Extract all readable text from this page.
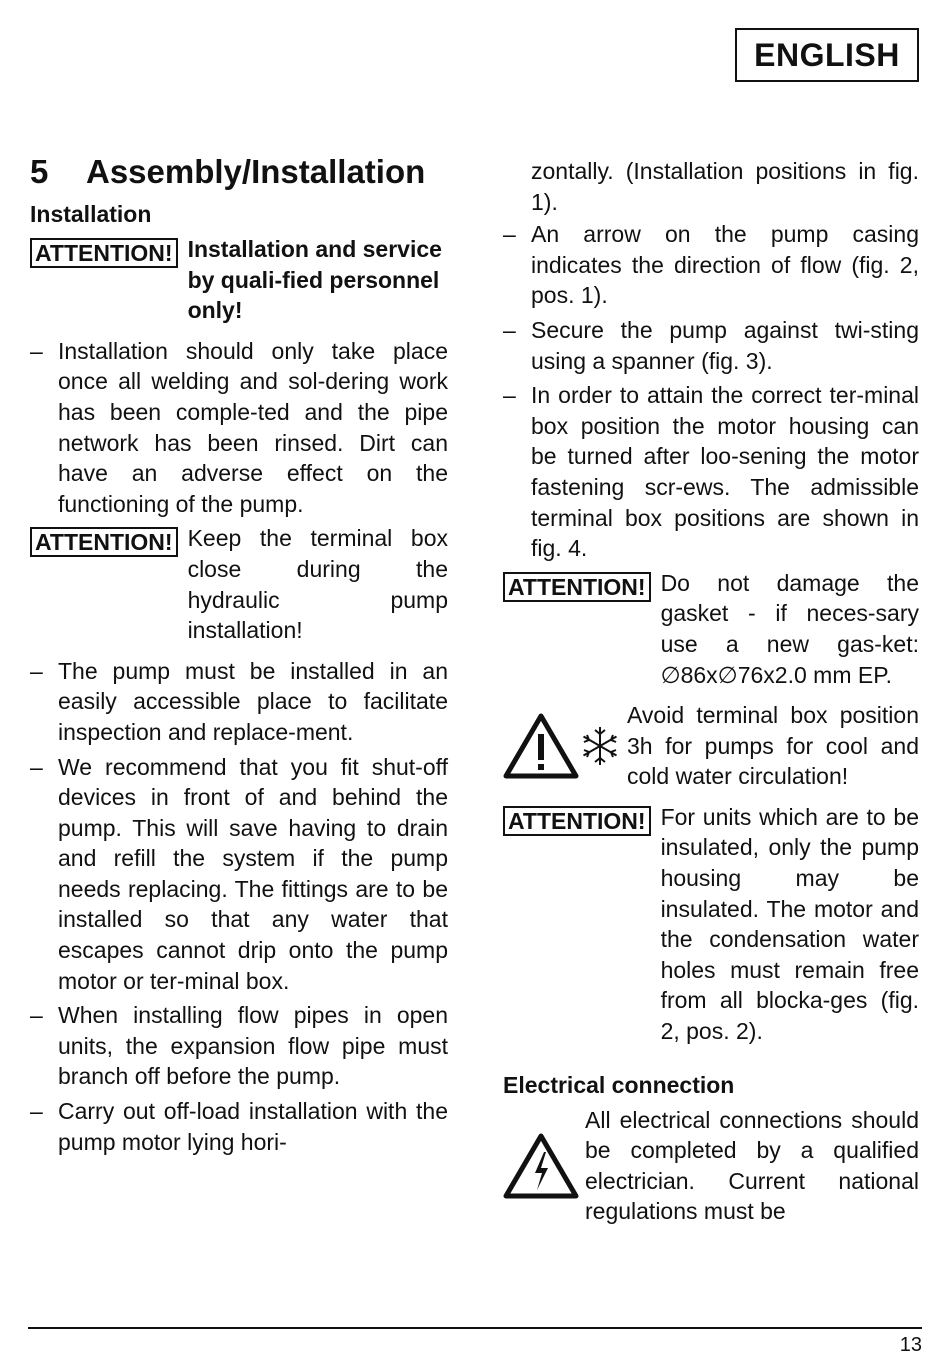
ENGLISH
5 Assembly/Installation
Installation
ATTENTION! Installation and service by quali-fied personnel only!
– Installation should only take place once all welding and sol-dering work has been comple-ted and the pipe network has been rinsed. Dirt can have an adverse effect on the functioning of the pump.
ATTENTION! Keep the terminal box close during the hydraulic pump installation!
– The pump must be installed in an easily accessible place to facilitate inspection and replace-ment.
– We recommend that you fit shut-off devices in front of and behind the pump. This will save having to drain and refill the system if the pump needs replacing. The fittings are to be installed so that any water that escapes cannot drip onto the pump motor or ter-minal box.
– When installing flow pipes in open units, the expansion flow pipe must branch off before the pump.
– Carry out off-load installation with the pump motor lying hori-

zontally. (Installation positions in fig. 1).

– An arrow on the pump casing indicates the direction of flow (fig. 2, pos. 1).
– Secure the pump against twi-sting using a spanner (fig. 3).
– In order to attain the correct ter-minal box position the motor housing can be turned after loo-sening the motor fastening scr-ews. The admissible terminal box positions are shown in fig. 4.
ATTENTION! Do not damage the gasket - if neces-sary use a new gas-ket: ∅86x∅76x2.0 mm EP.
Avoid terminal box position 3h for pumps for cool and cold water circulation!
ATTENTION! For units which are to be insulated, only the pump housing may be insulated. The motor and the condensation water holes must remain free from all blocka-ges (fig. 2, pos. 2).
Electrical connection
All electrical connections should be completed by a qualified electrician. Current national regulations must be
13
